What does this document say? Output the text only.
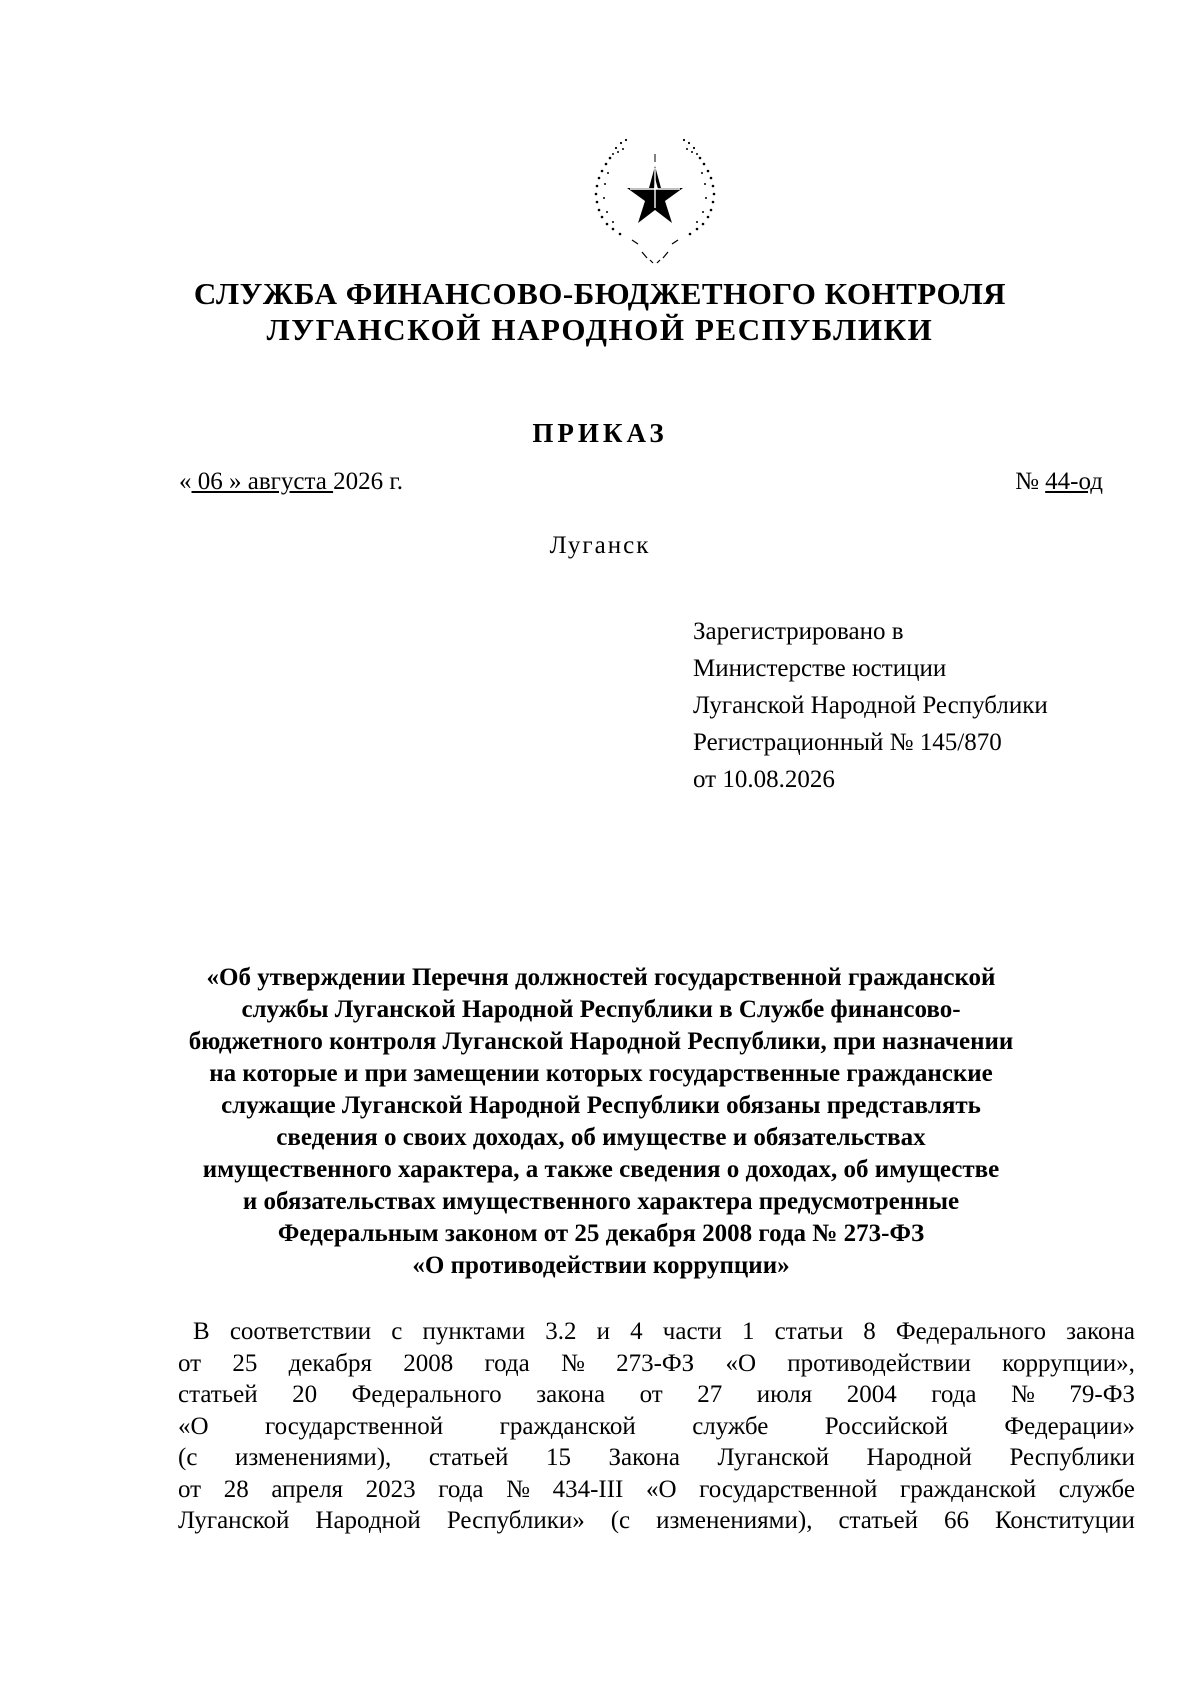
СЛУЖБА ФИНАНСОВО-БЮДЖЕТНОГО КОНТРОЛЯ
ЛУГАНСКОЙ НАРОДНОЙ РЕСПУБЛИКИ
ПРИКАЗ
« 06 » августа 2026 г.	№ 44-од
Луганск
Зарегистрировано в
Министерстве юстиции
Луганской Народной Республики
Регистрационный № 145/870
от 10.08.2026
«Об утверждении Перечня должностей государственной гражданской
службы Луганской Народной Республики в Службе финансово-
бюджетного контроля Луганской Народной Республики, при назначении
на которые и при замещении которых государственные гражданские
служащие Луганской Народной Республики обязаны представлять
сведения о своих доходах, об имуществе и обязательствах
имущественного характера, а также сведения о доходах, об имуществе
и обязательствах имущественного характера предусмотренные
Федеральным законом от 25 декабря 2008 года № 273-ФЗ
«О противодействии коррупции»
В соответствии с пунктами 3.2 и 4 части 1 статьи 8 Федерального закона
от 25 декабря 2008 года № 273-ФЗ «О противодействии коррупции»,
статьей 20 Федерального закона от 27 июля 2004 года № 79-ФЗ
«О государственной гражданской службе Российской Федерации»
(с изменениями), статьей 15 Закона Луганской Народной Республики
от 28 апреля 2023 года № 434-III «О государственной гражданской службе
Луганской Народной Республики» (с изменениями), статьей 66 Конституции
